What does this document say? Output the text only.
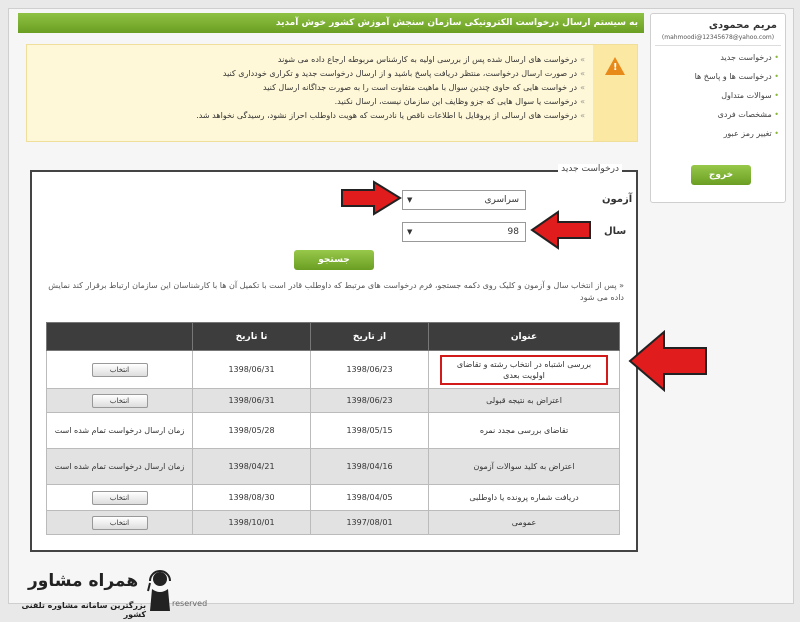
به سیستم ارسال درخواست الکترونیکی سازمان سنجش آموزش کشور خوش آمدید	مریم محمودی
(mahmoodi@12345678@yahoo.com)
• درخواست جدید
• درخواست ها و پاسخ ها
• سوالات متداول
• مشخصات فردی
• تغییر رمز عبور
خروج
!
» درخواست های ارسال شده پس از بررسی اولیه به کارشناس مربوطه ارجاع داده می شوند
» در صورت ارسال درخواست، منتظر دریافت پاسخ باشید و از ارسال درخواست جدید و تکراری خودداری کنید
» در خواست هایی که حاوی چندین سوال با ماهیت متفاوت است را به صورت جداگانه ارسال کنید
» درخواست یا سوال هایی که جزو وظایف این سازمان نیست، ارسال نکنید.
» درخواست های ارسالی از پروفایل با اطلاعات ناقص یا نادرست که هویت داوطلب احراز نشود، رسیدگی نخواهد شد.
درخواست جدید
آزمون
▼	سراسری
سال
▼	98
جستجو
« پس از انتخاب سال و آزمون و کلیک روی دکمه جستجو، فرم درخواست های مرتبط که داوطلب قادر است با تکمیل آن ها با کارشناسان این سازمان ارتباط برقرار کند نمایش داده می شود
	تا تاریخ	از تاریخ	عنوان
انتخاب	1398/06/31	1398/06/23	بررسی اشتباه در انتخاب رشته و تقاضای اولویت بعدی
انتخاب	1398/06/31	1398/06/23	اعتراض به نتیجه قبولی
زمان ارسال درخواست تمام شده است	1398/05/28	1398/05/15	تقاضای بررسی مجدد نمره
زمان ارسال درخواست تمام شده است	1398/04/21	1398/04/16	اعتراض به کلید سوالات آزمون
انتخاب	1398/08/30	1398/04/05	دریافت شماره پرونده یا داوطلبی
انتخاب	1398/10/01	1397/08/01	عمومی
reserved
همراه مشاور
بزرگترین سامانه مشاوره تلفنی کشور
